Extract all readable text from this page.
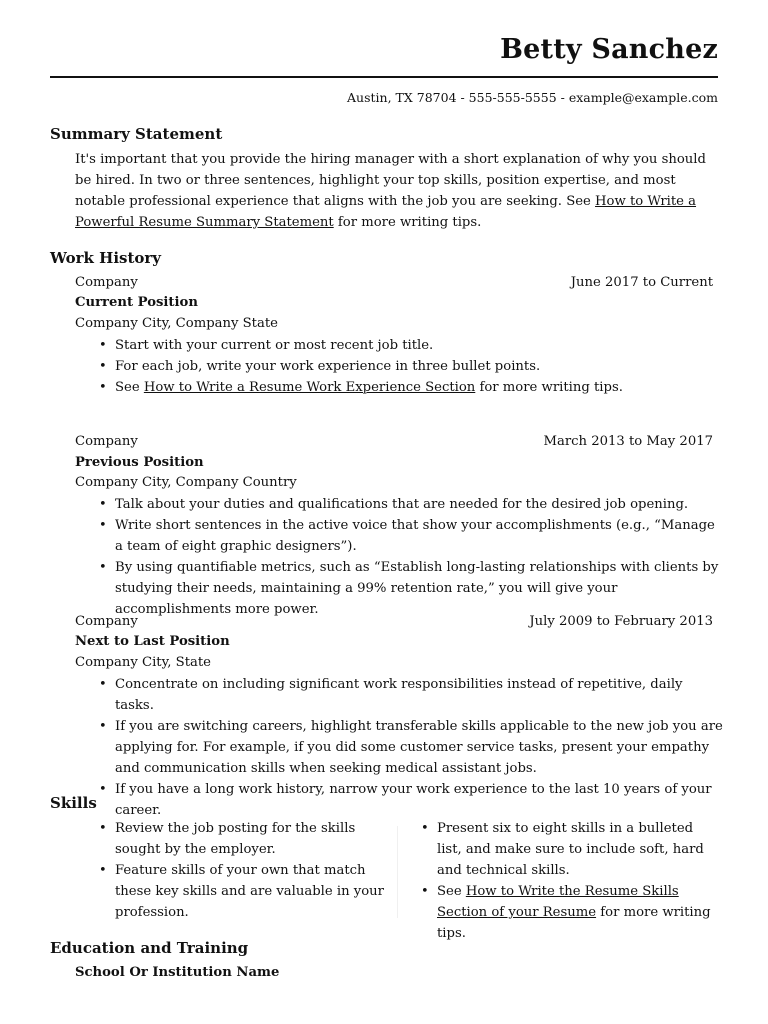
Betty Sanchez
Austin, TX 78704 - 555-555-5555 - example@example.com
Summary Statement
It's important that you provide the hiring manager with a short explanation of why you should be hired. In two or three sentences, highlight your top skills, position expertise, and most notable professional experience that aligns with the job you are seeking. See How to Write a Powerful Resume Summary Statement for more writing tips.
Work History
Company	June 2017 to Current
Current Position
Company City, Company State
• Start with your current or most recent job title.
• For each job, write your work experience in three bullet points.
• See How to Write a Resume Work Experience Section for more writing tips.
Company	March 2013 to May 2017
Previous Position
Company City, Company Country
• Talk about your duties and qualifications that are needed for the desired job opening.
• Write short sentences in the active voice that show your accomplishments (e.g., “Manage a team of eight graphic designers”).
• By using quantifiable metrics, such as “Establish long-lasting relationships with clients by studying their needs, maintaining a 99% retention rate,” you will give your accomplishments more power.
Company	July 2009 to February 2013
Next to Last Position
Company City, State
• Concentrate on including significant work responsibilities instead of repetitive, daily tasks.
• If you are switching careers, highlight transferable skills applicable to the new job you are applying for. For example, if you did some customer service tasks, present your empathy and communication skills when seeking medical assistant jobs.
• If you have a long work history, narrow your work experience to the last 10 years of your career.
Skills
• Review the job posting for the skills sought by the employer.
• Feature skills of your own that match these key skills and are valuable in your profession.
• Present six to eight skills in a bulleted list, and make sure to include soft, hard and technical skills.
• See How to Write the Resume Skills Section of your Resume for more writing tips.
Education and Training
School Or Institution Name
